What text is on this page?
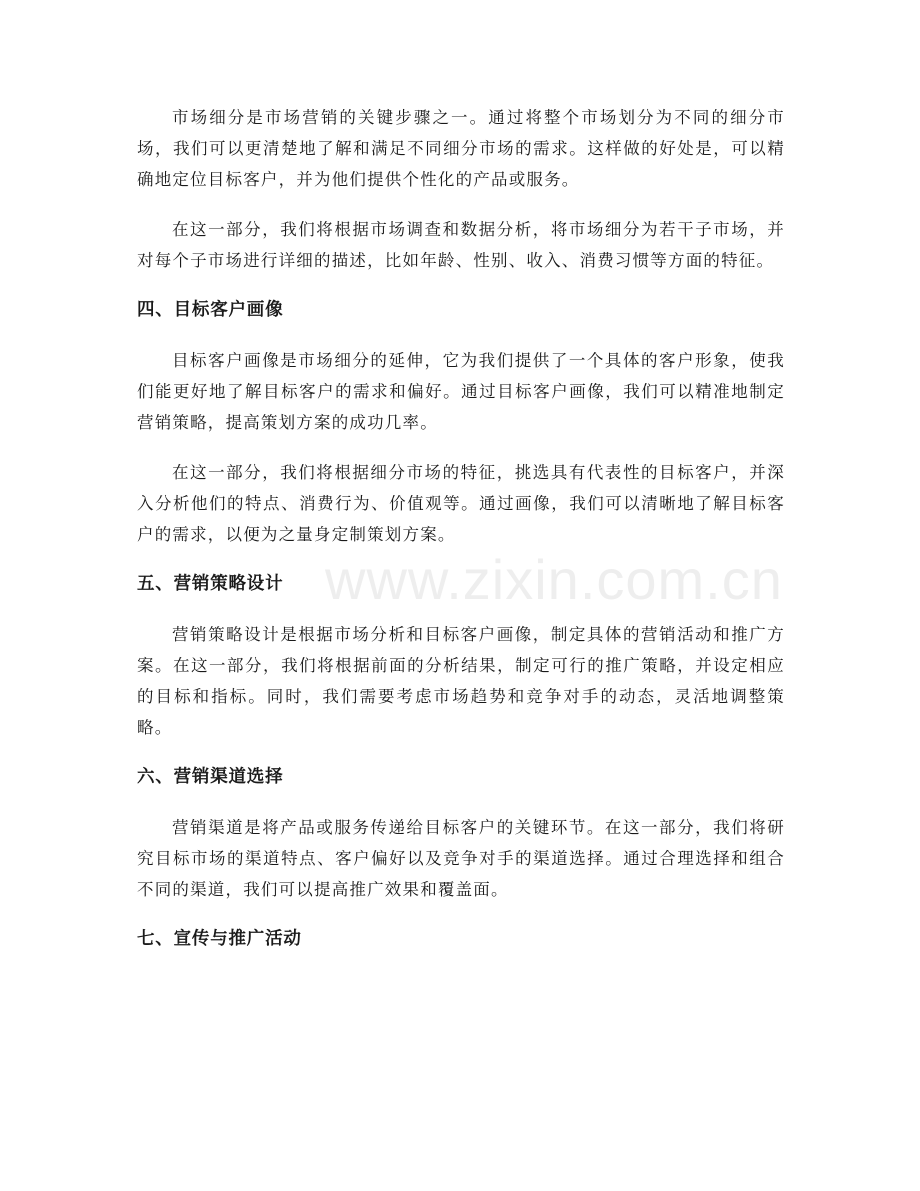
市场细分是市场营销的关键步骤之一。通过将整个市场划分为不同的细分市场，我们可以更清楚地了解和满足不同细分市场的需求。这样做的好处是，可以精确地定位目标客户，并为他们提供个性化的产品或服务。

在这一部分，我们将根据市场调查和数据分析，将市场细分为若干子市场，并对每个子市场进行详细的描述，比如年龄、性别、收入、消费习惯等方面的特征。

四、目标客户画像

目标客户画像是市场细分的延伸，它为我们提供了一个具体的客户形象，使我们能更好地了解目标客户的需求和偏好。通过目标客户画像，我们可以精准地制定营销策略，提高策划方案的成功几率。

在这一部分，我们将根据细分市场的特征，挑选具有代表性的目标客户，并深入分析他们的特点、消费行为、价值观等。通过画像，我们可以清晰地了解目标客户的需求，以便为之量身定制策划方案。

五、营销策略设计

营销策略设计是根据市场分析和目标客户画像，制定具体的营销活动和推广方案。在这一部分，我们将根据前面的分析结果，制定可行的推广策略，并设定相应的目标和指标。同时，我们需要考虑市场趋势和竞争对手的动态，灵活地调整策略。

六、营销渠道选择

营销渠道是将产品或服务传递给目标客户的关键环节。在这一部分，我们将研究目标市场的渠道特点、客户偏好以及竞争对手的渠道选择。通过合理选择和组合不同的渠道，我们可以提高推广效果和覆盖面。

七、宣传与推广活动
www.zixin.com.cn
